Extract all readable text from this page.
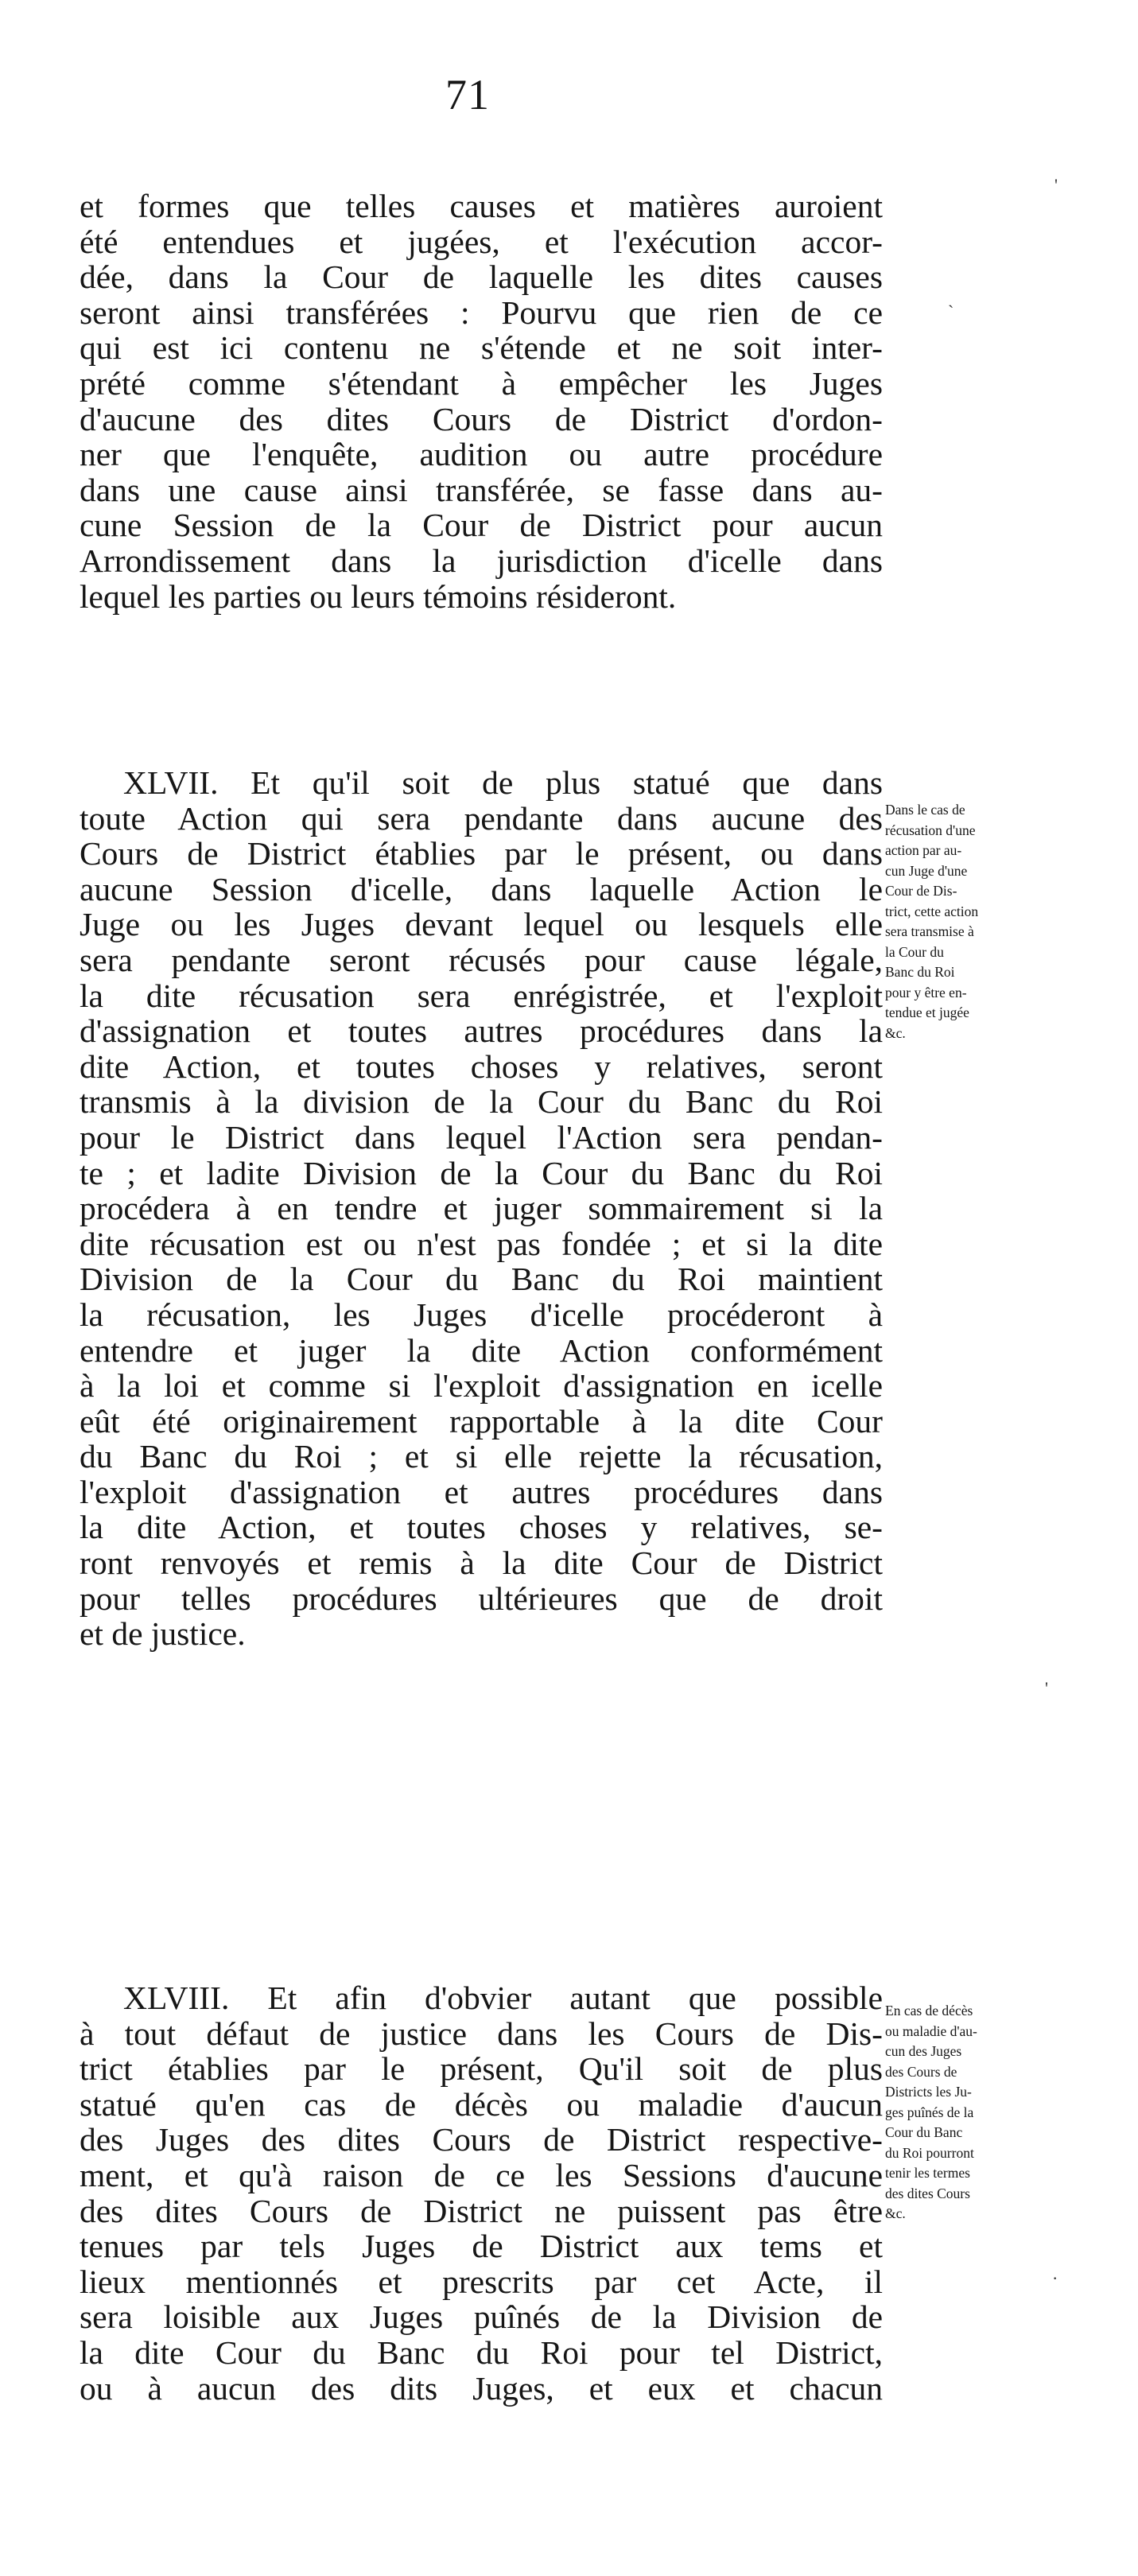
71
et formes que telles causes et matières auroient
été entendues et jugées, et l'exécution accor-
dée, dans la Cour de laquelle les dites causes
seront ainsi transférées : Pourvu que rien de ce
qui est ici contenu ne s'étende et ne soit inter-
prété comme s'étendant à empêcher les Juges
d'aucune des dites Cours de District d'ordon-
ner que l'enquête, audition ou autre procédure
dans une cause ainsi transférée, se fasse dans au-
cune Session de la Cour de District pour aucun
Arrondissement dans la jurisdiction d'icelle dans
lequel les parties ou leurs témoins résideront.
XLVII. Et qu'il soit de plus statué que dans
toute Action qui sera pendante dans aucune des
Cours de District établies par le présent, ou dans
aucune Session d'icelle, dans laquelle Action le
Juge ou les Juges devant lequel ou lesquels elle
sera pendante seront récusés pour cause légale,
la dite récusation sera enrégistrée, et l'exploit
d'assignation et toutes autres procédures dans la
dite Action, et toutes choses y relatives, seront
transmis à la division de la Cour du Banc du Roi
pour le District dans lequel l'Action sera pendan-
te ; et ladite Division de la Cour du Banc du Roi
procédera à en tendre et juger sommairement si la
dite récusation est ou n'est pas fondée ; et si la dite
Division de la Cour du Banc du Roi maintient
la récusation, les Juges d'icelle procéderont à
entendre et juger la dite Action conformément
à la loi et comme si l'exploit d'assignation en icelle
eût été originairement rapportable à la dite Cour
du Banc du Roi ; et si elle rejette la récusation,
l'exploit d'assignation et autres procédures dans
la dite Action, et toutes choses y relatives, se-
ront renvoyés et remis à la dite Cour de District
pour telles procédures ultérieures que de droit
et de justice.
Dans le cas de
récusation d'une
action par au-
cun Juge d'une
Cour de Dis-
trict, cette action
sera transmise à
la Cour du
Banc du Roi
pour y être en-
tendue et jugée
&c.
XLVIII. Et afin d'obvier autant que possible
à tout défaut de justice dans les Cours de Dis-
trict établies par le présent, Qu'il soit de plus
statué qu'en cas de décès ou maladie d'aucun
des Juges des dites Cours de District respective-
ment, et qu'à raison de ce les Sessions d'aucune
des dites Cours de District ne puissent pas être
tenues par tels Juges de District aux tems et
lieux mentionnés et prescrits par cet Acte, il
sera loisible aux Juges puînés de la Division de
la dite Cour du Banc du Roi pour tel District,
ou à aucun des dits Juges, et eux et chacun
En cas de décès
ou maladie d'au-
cun des Juges
des Cours de
Districts les Ju-
ges puînés de la
Cour du Banc
du Roi pourront
tenir les termes
des dites Cours
&c.
ˎ
'
'
·
